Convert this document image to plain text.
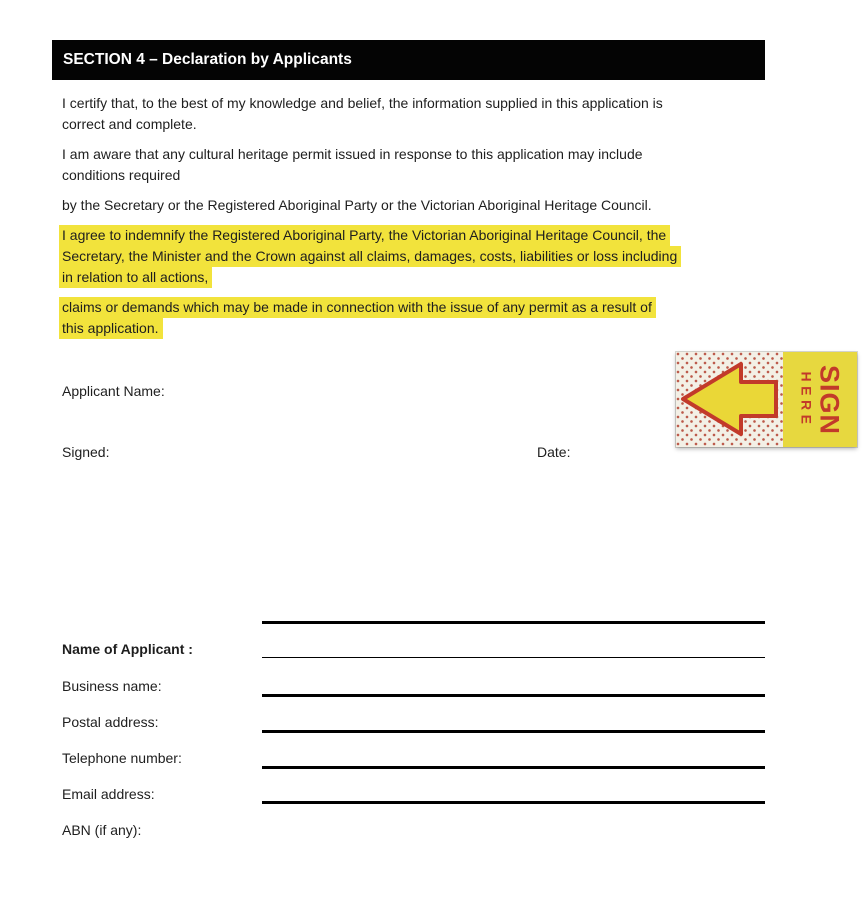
SECTION 4 – Declaration by Applicants

I certify that, to the best of my knowledge and belief, the information supplied in this application is
correct and complete.

I am aware that any cultural heritage permit issued in response to this application may include
conditions required

by the Secretary or the Registered Aboriginal Party or the Victorian Aboriginal Heritage Council.

I agree to indemnify the Registered Aboriginal Party, the Victorian Aboriginal Heritage Council, the
Secretary, the Minister and the Crown against all claims, damages, costs, liabilities or loss including
in relation to all actions,

claims or demands which may be made in connection with the issue of any permit as a result of
this application.

Applicant Name:
Signed:	Date:
SIGN
HERE
Name of Applicant :
Business name:
Postal address:
Telephone number:
Email address:
ABN (if any):
